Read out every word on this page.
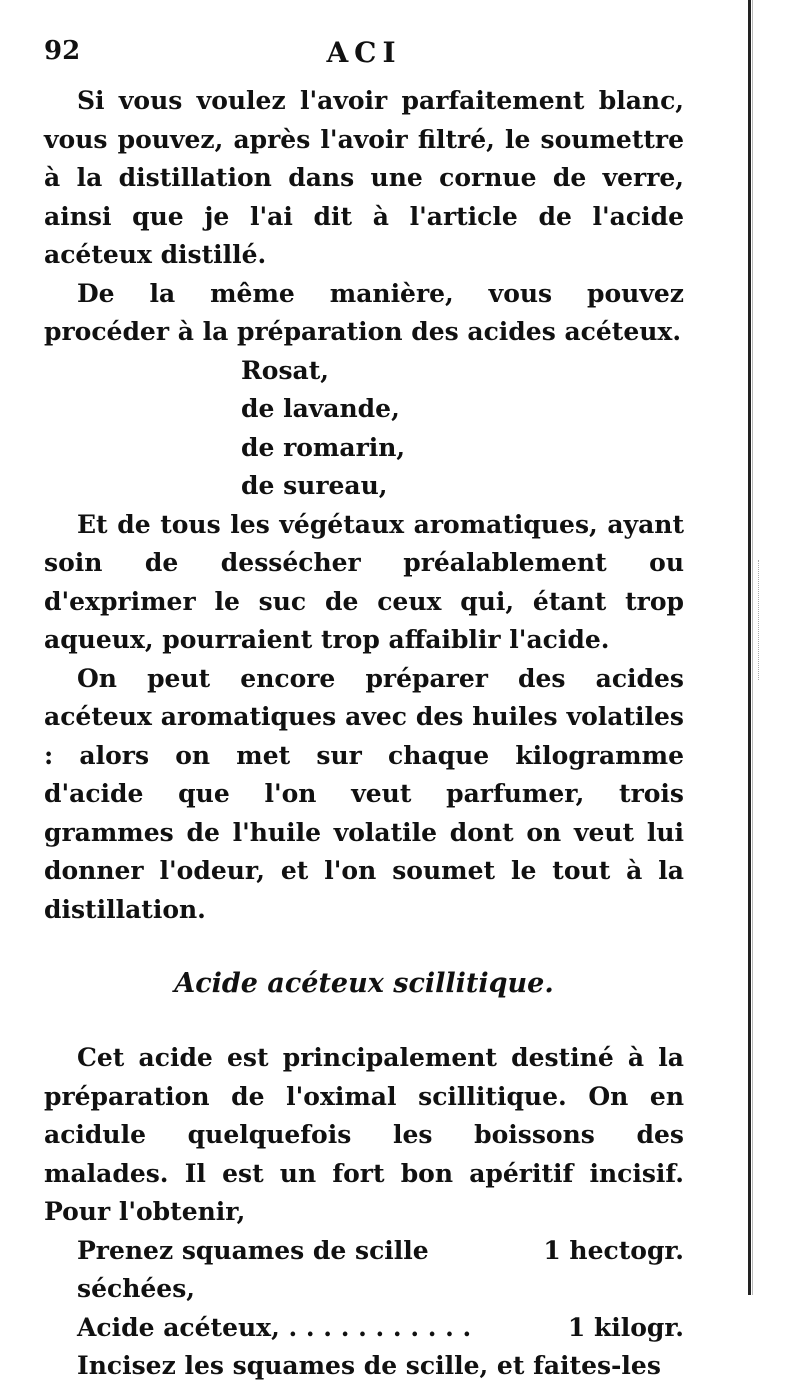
92	ACI

Si vous voulez l'avoir parfaitement blanc, vous pouvez, après l'avoir filtré, le soumettre à la distillation dans une cornue de verre, ainsi que je l'ai dit à l'article de l'acide acéteux distillé.

De la même manière, vous pouvez procéder à la préparation des acides acéteux.

Rosat,
de lavande,
de romarin,
de sureau,

Et de tous les végétaux aromatiques, ayant soin de dessécher préalablement ou d'exprimer le suc de ceux qui, étant trop aqueux, pourraient trop affaiblir l'acide.

On peut encore préparer des acides acéteux aromatiques avec des huiles volatiles : alors on met sur chaque kilogramme d'acide que l'on veut parfumer, trois grammes de l'huile volatile dont on veut lui donner l'odeur, et l'on soumet le tout à la distillation.

Acide acéteux scillitique.

Cet acide est principalement destiné à la préparation de l'oximal scillitique. On en acidule quelquefois les boissons des malades. Il est un fort bon apéritif incisif. Pour l'obtenir,

Prenez squames de scille séchées,
1 hectogr.
Acide acéteux, . . . . . . . . . . .	1 kilogr.

Incisez les squames de scille, et faites-les
